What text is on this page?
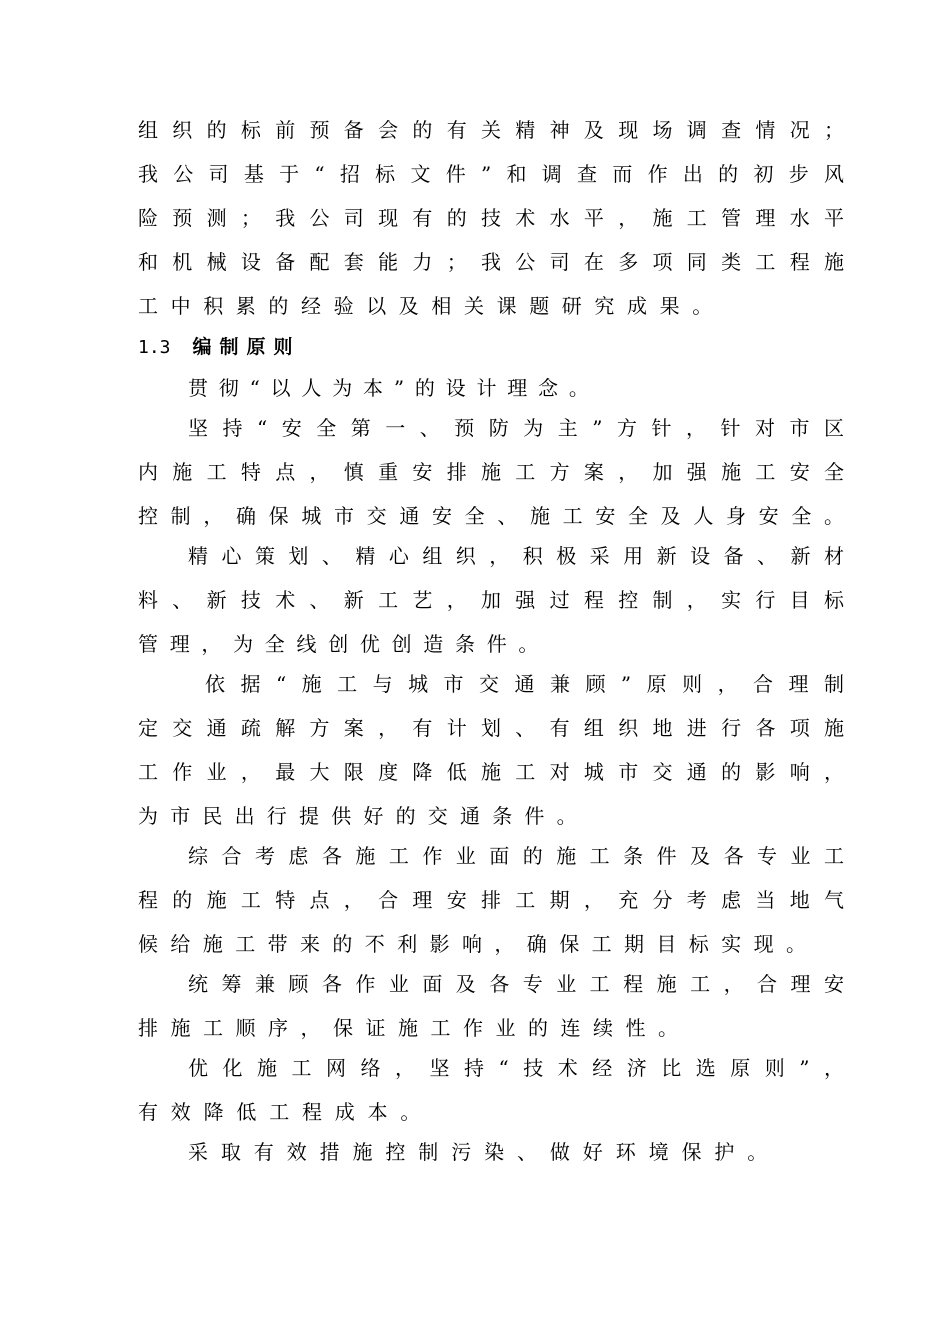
组织的标前预备会的有关精神及现场调查情况；
我公司基于“招标文件”和调查而作出的初步风
险预测；我公司现有的技术水平，施工管理水平
和机械设备配套能力；我公司在多项同类工程施
工中积累的经验以及相关课题研究成果。
1.3 编制原则
贯彻“以人为本”的设计理念。
坚持“安全第一、预防为主”方针，针对市区
内施工特点，慎重安排施工方案，加强施工安全
控制，确保城市交通安全、施工安全及人身安全。
精心策划、精心组织，积极采用新设备、新材
料、新技术、新工艺，加强过程控制，实行目标
管理，为全线创优创造条件。
依据“施工与城市交通兼顾”原则，合理制
定交通疏解方案，有计划、有组织地进行各项施
工作业，最大限度降低施工对城市交通的影响，
为市民出行提供好的交通条件。
综合考虑各施工作业面的施工条件及各专业工
程的施工特点，合理安排工期，充分考虑当地气
候给施工带来的不利影响，确保工期目标实现。
统筹兼顾各作业面及各专业工程施工，合理安
排施工顺序，保证施工作业的连续性。
优化施工网络，坚持“技术经济比选原则”，
有效降低工程成本。
采取有效措施控制污染、做好环境保护。
